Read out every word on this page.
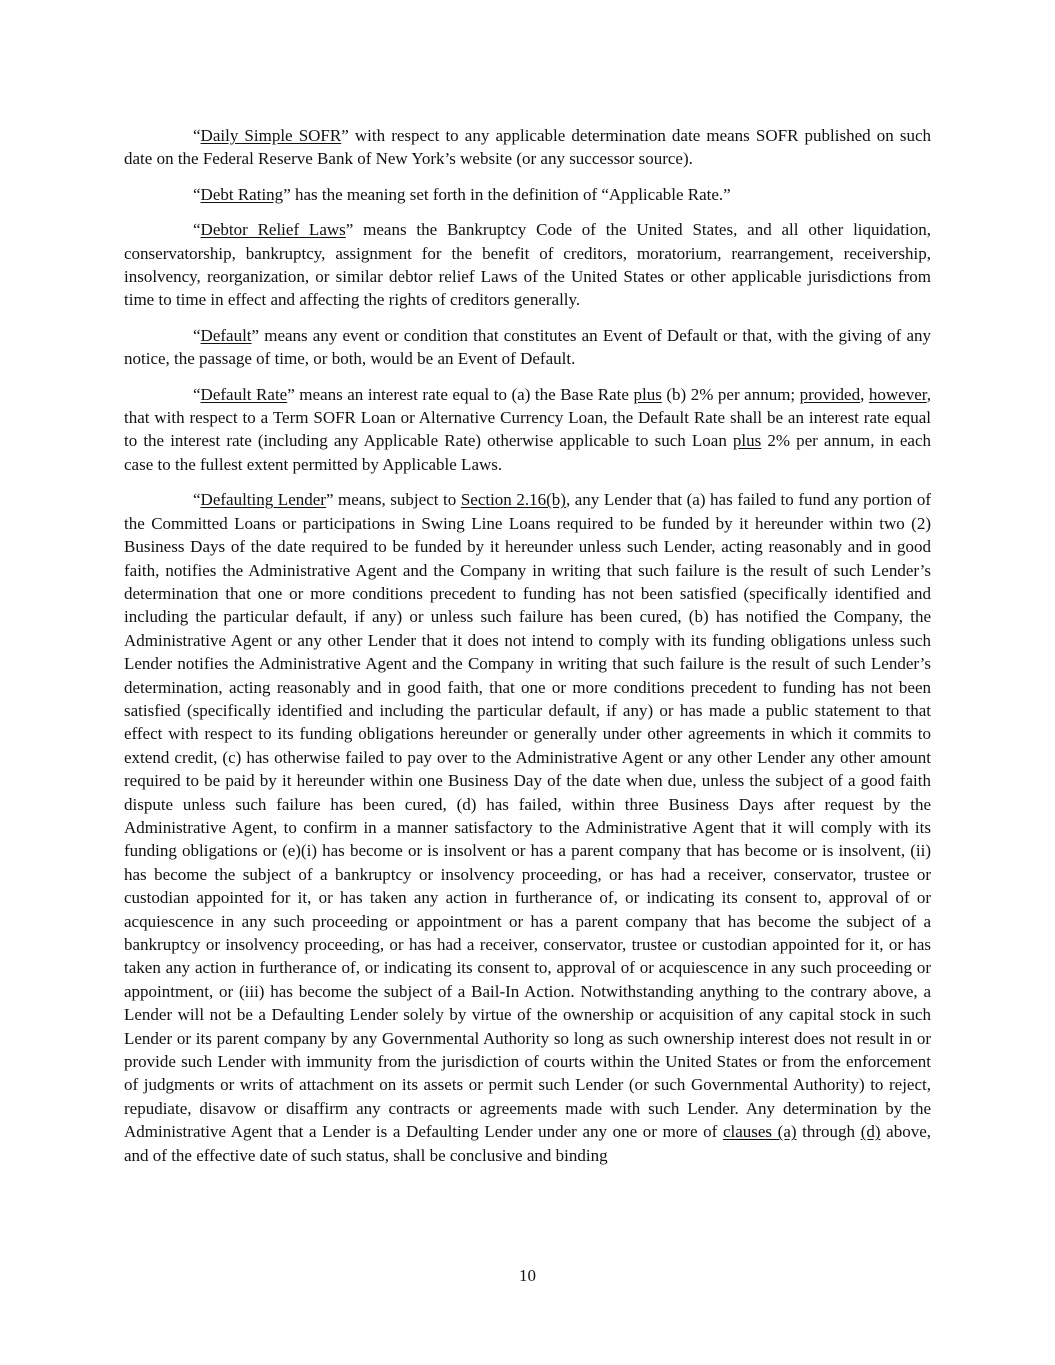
“Daily Simple SOFR” with respect to any applicable determination date means SOFR published on such date on the Federal Reserve Bank of New York’s website (or any successor source).

“Debt Rating” has the meaning set forth in the definition of “Applicable Rate.”

“Debtor Relief Laws” means the Bankruptcy Code of the United States, and all other liquidation, conservatorship, bankruptcy, assignment for the benefit of creditors, moratorium, rearrangement, receivership, insolvency, reorganization, or similar debtor relief Laws of the United States or other applicable jurisdictions from time to time in effect and affecting the rights of creditors generally.

“Default” means any event or condition that constitutes an Event of Default or that, with the giving of any notice, the passage of time, or both, would be an Event of Default.

“Default Rate” means an interest rate equal to (a) the Base Rate plus (b) 2% per annum; provided, however, that with respect to a Term SOFR Loan or Alternative Currency Loan, the Default Rate shall be an interest rate equal to the interest rate (including any Applicable Rate) otherwise applicable to such Loan plus 2% per annum, in each case to the fullest extent permitted by Applicable Laws.

“Defaulting Lender” means, subject to Section 2.16(b), any Lender that (a) has failed to fund any portion of the Committed Loans or participations in Swing Line Loans required to be funded by it hereunder within two (2) Business Days of the date required to be funded by it hereunder unless such Lender, acting reasonably and in good faith, notifies the Administrative Agent and the Company in writing that such failure is the result of such Lender’s determination that one or more conditions precedent to funding has not been satisfied (specifically identified and including the particular default, if any) or unless such failure has been cured, (b) has notified the Company, the Administrative Agent or any other Lender that it does not intend to comply with its funding obligations unless such Lender notifies the Administrative Agent and the Company in writing that such failure is the result of such Lender’s determination, acting reasonably and in good faith, that one or more conditions precedent to funding has not been satisfied (specifically identified and including the particular default, if any) or has made a public statement to that effect with respect to its funding obligations hereunder or generally under other agreements in which it commits to extend credit, (c) has otherwise failed to pay over to the Administrative Agent or any other Lender any other amount required to be paid by it hereunder within one Business Day of the date when due, unless the subject of a good faith dispute unless such failure has been cured, (d) has failed, within three Business Days after request by the Administrative Agent, to confirm in a manner satisfactory to the Administrative Agent that it will comply with its funding obligations or (e)(i) has become or is insolvent or has a parent company that has become or is insolvent, (ii) has become the subject of a bankruptcy or insolvency proceeding, or has had a receiver, conservator, trustee or custodian appointed for it, or has taken any action in furtherance of, or indicating its consent to, approval of or acquiescence in any such proceeding or appointment or has a parent company that has become the subject of a bankruptcy or insolvency proceeding, or has had a receiver, conservator, trustee or custodian appointed for it, or has taken any action in furtherance of, or indicating its consent to, approval of or acquiescence in any such proceeding or appointment, or (iii) has become the subject of a Bail-In Action. Notwithstanding anything to the contrary above, a Lender will not be a Defaulting Lender solely by virtue of the ownership or acquisition of any capital stock in such Lender or its parent company by any Governmental Authority so long as such ownership interest does not result in or provide such Lender with immunity from the jurisdiction of courts within the United States or from the enforcement of judgments or writs of attachment on its assets or permit such Lender (or such Governmental Authority) to reject, repudiate, disavow or disaffirm any contracts or agreements made with such Lender. Any determination by the Administrative Agent that a Lender is a Defaulting Lender under any one or more of clauses (a) through (d) above, and of the effective date of such status, shall be conclusive and binding

10
